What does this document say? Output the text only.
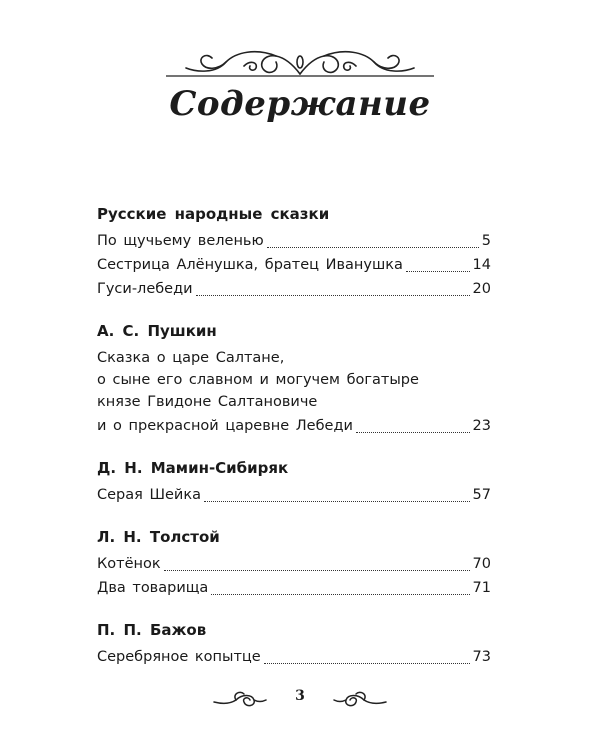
Содержание
Русские народные сказки
По щучьему веленью	5
Сестрица Алёнушка, братец Иванушка	14
Гуси-лебеди	20
А. С. Пушкин
Сказка о царе Салтане,
о сыне его славном и могучем богатыре
князе Гвидоне Салтановиче
и о прекрасной царевне Лебеди	23
Д. Н. Мамин-Сибиряк
Серая Шейка	57
Л. Н. Толстой
Котёнок	70
Два товарища	71
П. П. Бажов
Серебряное копытце	73
3
